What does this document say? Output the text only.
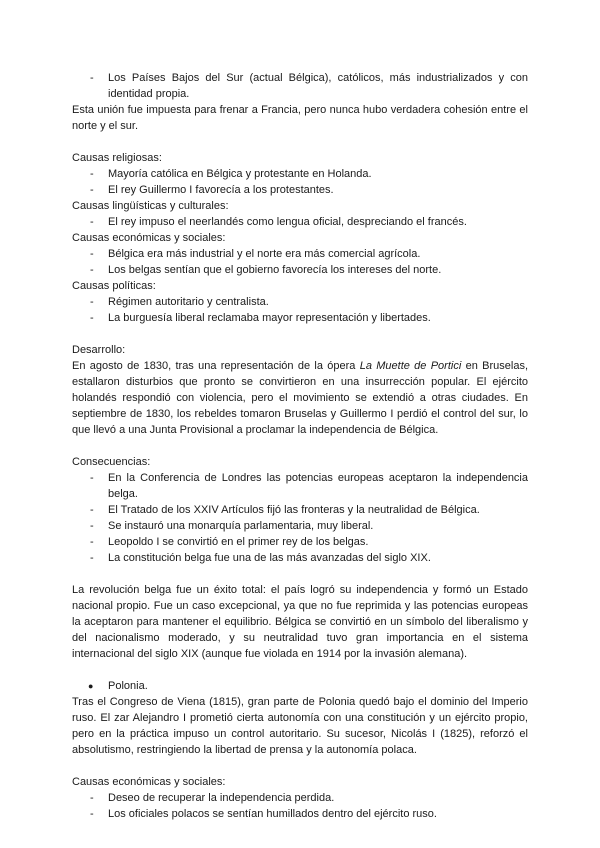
- Los Países Bajos del Sur (actual Bélgica), católicos, más industrializados y con identidad propia.

Esta unión fue impuesta para frenar a Francia, pero nunca hubo verdadera cohesión entre el norte y el sur.

Causas religiosas:

- Mayoría católica en Bélgica y protestante en Holanda.
- El rey Guillermo I favorecía a los protestantes.

Causas lingüísticas y culturales:

- El rey impuso el neerlandés como lengua oficial, despreciando el francés.

Causas económicas y sociales:

- Bélgica era más industrial y el norte era más comercial agrícola.
- Los belgas sentían que el gobierno favorecía los intereses del norte.

Causas políticas:

- Régimen autoritario y centralista.
- La burguesía liberal reclamaba mayor representación y libertades.

Desarrollo:

En agosto de 1830, tras una representación de la ópera La Muette de Portici en Bruselas, estallaron disturbios que pronto se convirtieron en una insurrección popular. El ejército holandés respondió con violencia, pero el movimiento se extendió a otras ciudades. En septiembre de 1830, los rebeldes tomaron Bruselas y Guillermo I perdió el control del sur, lo que llevó a una Junta Provisional a proclamar la independencia de Bélgica.

Consecuencias:

- En la Conferencia de Londres las potencias europeas aceptaron la independencia belga.
- El Tratado de los XXIV Artículos fijó las fronteras y la neutralidad de Bélgica.
- Se instauró una monarquía parlamentaria, muy liberal.
- Leopoldo I se convirtió en el primer rey de los belgas.
- La constitución belga fue una de las más avanzadas del siglo XIX.

La revolución belga fue un éxito total: el país logró su independencia y formó un Estado nacional propio. Fue un caso excepcional, ya que no fue reprimida y las potencias europeas la aceptaron para mantener el equilibrio. Bélgica se convirtió en un símbolo del liberalismo y del nacionalismo moderado, y su neutralidad tuvo gran importancia en el sistema internacional del siglo XIX (aunque fue violada en 1914 por la invasión alemana).

● Polonia.

Tras el Congreso de Viena (1815), gran parte de Polonia quedó bajo el dominio del Imperio ruso. El zar Alejandro I prometió cierta autonomía con una constitución y un ejército propio, pero en la práctica impuso un control autoritario. Su sucesor, Nicolás I (1825), reforzó el absolutismo, restringiendo la libertad de prensa y la autonomía polaca.

Causas económicas y sociales:

- Deseo de recuperar la independencia perdida.
- Los oficiales polacos se sentían humillados dentro del ejército ruso.
